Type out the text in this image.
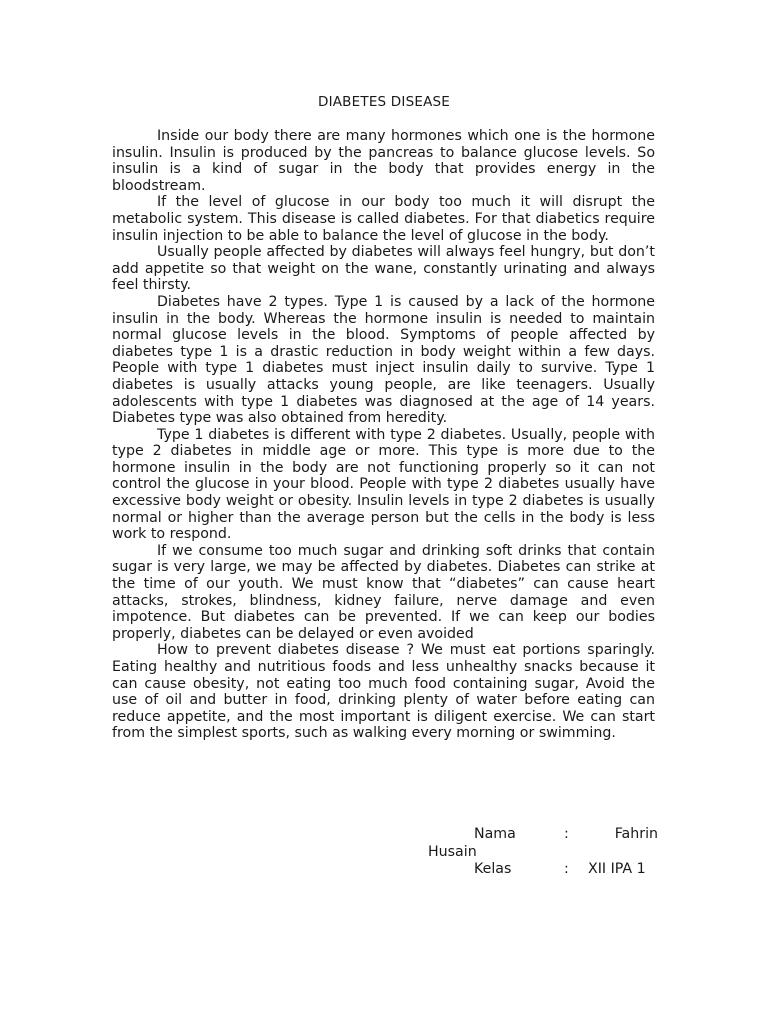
DIABETES DISEASE

Inside our body there are many hormones which one is the hormone insulin. Insulin is produced by the pancreas to balance glucose levels. So insulin is a kind of sugar in the body that provides energy in the bloodstream.

If the level of glucose in our body too much it will disrupt the metabolic system. This disease is called diabetes. For that diabetics require insulin injection to be able to balance the level of glucose in the body.

Usually people affected by diabetes will always feel hungry, but don’t add appetite so that weight on the wane, constantly urinating and always feel thirsty.

Diabetes have 2 types. Type 1 is caused by a lack of the hormone insulin in the body. Whereas the hormone insulin is needed to maintain normal glucose levels in the blood. Symptoms of people affected by diabetes type 1 is a drastic reduction in body weight within a few days. People with type 1 diabetes must inject insulin daily to survive. Type 1 diabetes is usually attacks young people, are like teenagers. Usually adolescents with type 1 diabetes was diagnosed at the age of 14 years. Diabetes type was also obtained from heredity.

Type 1 diabetes is different with type 2 diabetes. Usually, people with type 2 diabetes in middle age or more. This type is more due to the hormone insulin in the body are not functioning properly so it can not control the glucose in your blood. People with type 2 diabetes usually have excessive body weight or obesity. Insulin levels in type 2 diabetes is usually normal or higher than the average person but the cells in the body is less work to respond.

If we consume too much sugar and drinking soft drinks that contain sugar is very large, we may be affected by diabetes. Diabetes can strike at the time of our youth. We must know that “diabetes” can cause heart attacks, strokes, blindness, kidney failure, nerve damage and even impotence. But diabetes can be prevented. If we can keep our bodies properly, diabetes can be delayed or even avoided

How to prevent diabetes disease ? We must eat portions sparingly. Eating healthy and nutritious foods and less unhealthy snacks because it can cause obesity, not eating too much food containing sugar, Avoid the use of oil and butter in food, drinking plenty of water before eating can reduce appetite, and the most important is diligent exercise. We can start from the simplest sports, such as walking every morning or swimming.

Nama	:	Fahrin
Husain
Kelas	:	XII IPA 1
